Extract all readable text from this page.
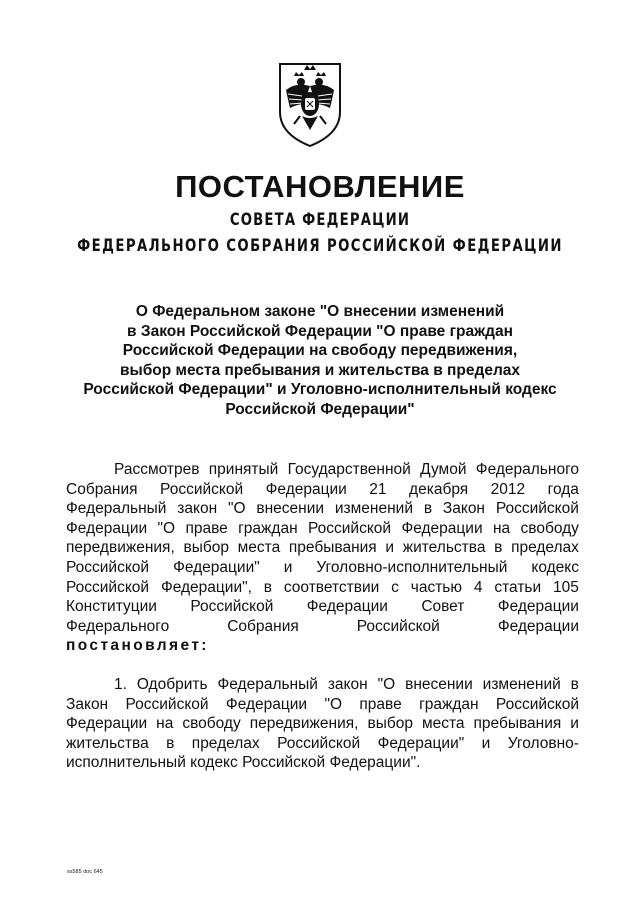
ПОСТАНОВЛЕНИЕ
СОВЕТА ФЕДЕРАЦИИ
ФЕДЕРАЛЬНОГО СОБРАНИЯ РОССИЙСКОЙ ФЕДЕРАЦИИ
О Федеральном законе "О внесении изменений
в Закон Российской Федерации "О праве граждан
Российской Федерации на свободу передвижения,
выбор места пребывания и жительства в пределах
Российской Федерации" и Уголовно-исполнительный кодекс
Российской Федерации"
Рассмотрев принятый Государственной Думой Федерального
Собрания Российской Федерации 21 декабря 2012 года
Федеральный закон "О внесении изменений в Закон Российской
Федерации "О праве граждан Российской Федерации на свободу
передвижения, выбор места пребывания и жительства в пределах
Российской Федерации" и Уголовно-исполнительный кодекс
Российской Федерации", в соответствии с частью 4 статьи 105
Конституции Российской Федерации Совет Федерации
Федерального	Собрания	Российской	Федерации
постановляет:
1. Одобрить Федеральный закон "О внесении изменений в
Закон Российской Федерации "О праве граждан Российской
Федерации на свободу передвижения, выбор места пребывания и
жительства в пределах Российской Федерации" и Уголовно-
исполнительный кодекс Российской Федерации".
ss585 doc 645
